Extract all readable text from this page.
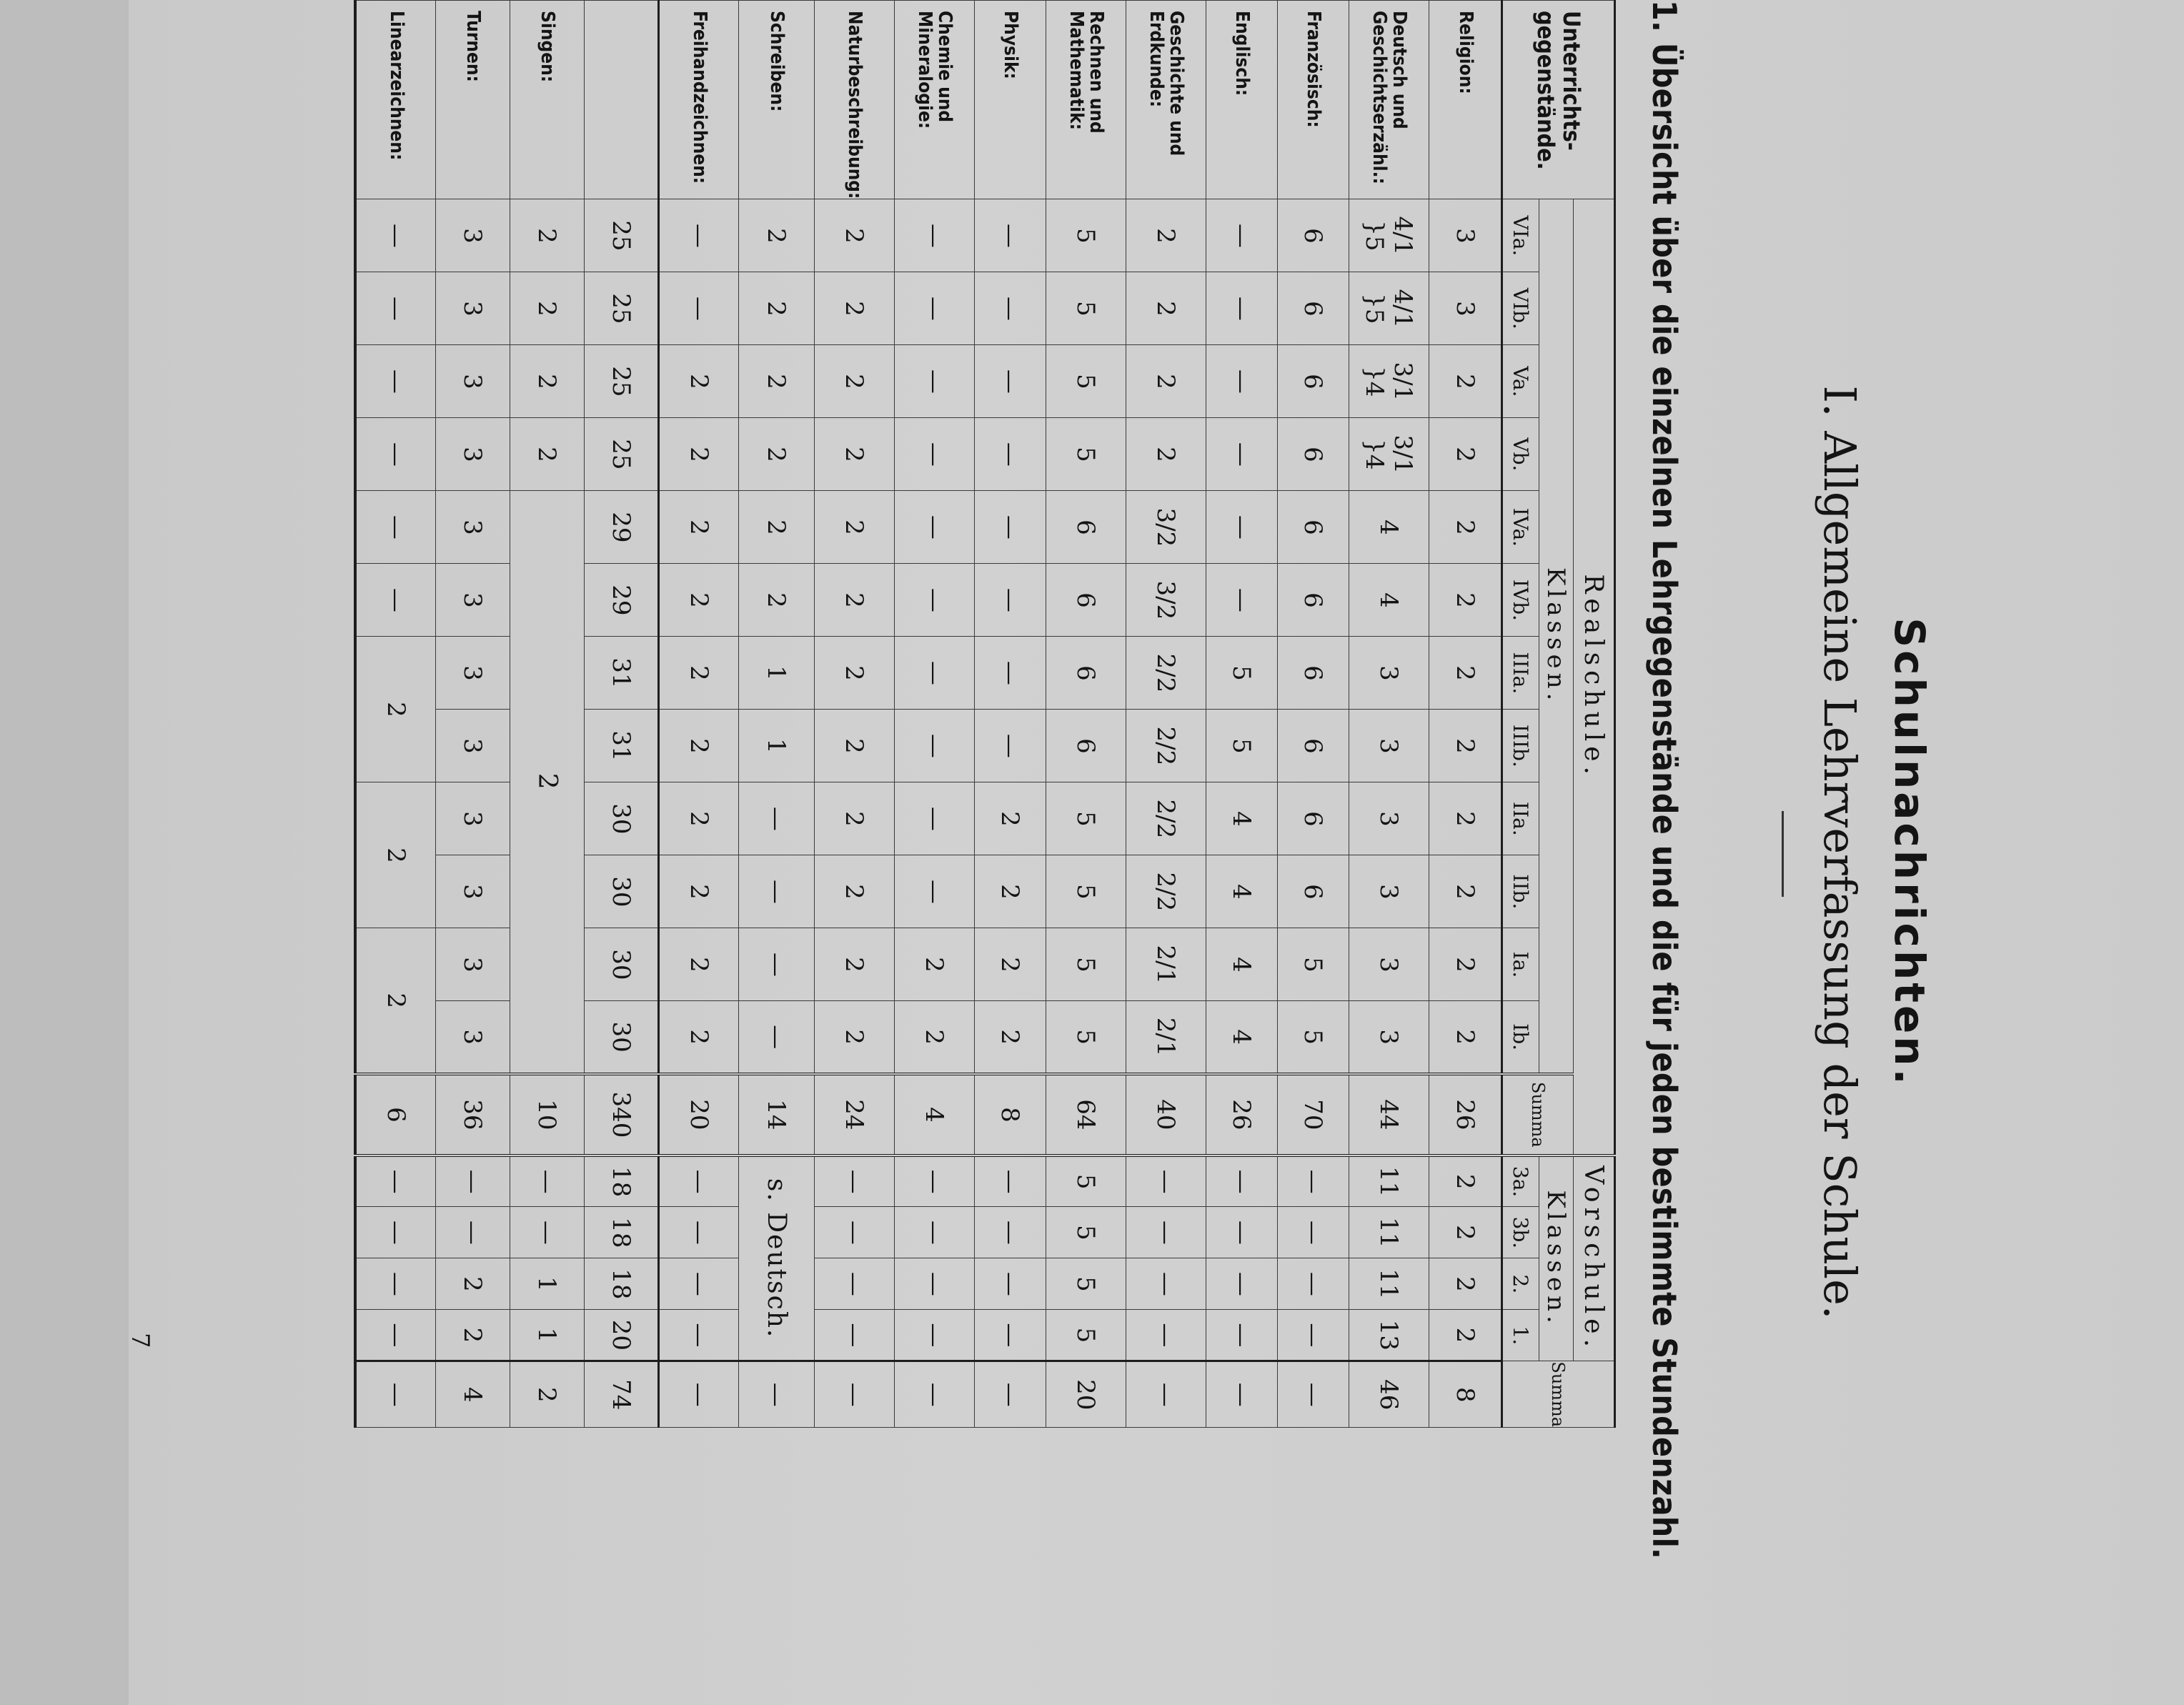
Schulnachrichten.
I. Allgemeine Lehrverfassung der Schule.
1. Übersicht über die einzelnen Lehrgegenstände und die für jeden bestimmte Stundenzahl.
Unterrichts-
gegenstände.	Realschule.													Vorschule.				Summa
	Klassen.												Summa	Klassen.				
	VIa.	VIb.	Va.	Vb.	IVa.	IVb.	IIIa.	IIIb.	IIa.	IIb.	Ia.	Ib.		3a.	3b.	2.	1.	
Religion:	3	3	2	2	2	2	2	2	2	2	2	2	26	2	2	2	2	8
Deutsch und
Geschichtserzähl.:	4/1 }5	4/1 }5	3/1 }4	3/1 }4	4	4	3	3	3	3	3	3	44	11	11	11	13	46
Französisch:	6	6	6	6	6	6	6	6	6	6	5	5	70	—	—	—	—	—
Englisch:	—	—	—	—	—	—	5	5	4	4	4	4	26	—	—	—	—	—
Geschichte und
Erdkunde:	2	2	2	2	3/2	3/2	2/2	2/2	2/2	2/2	2/1	2/1	40	—	—	—	—	—
Rechnen und
Mathematik:	5	5	5	5	6	6	6	6	5	5	5	5	64	5	5	5	5	20
Physik:	—	—	—	—	—	—	—	—	2	2	2	2	8	—	—	—	—	—
Chemie und
Mineralogie:	—	—	—	—	—	—	—	—	—	—	2	2	4	—	—	—	—	—
Naturbeschreibung:	2	2	2	2	2	2	2	2	2	2	2	2	24	—	—	—	—	—
Schreiben:	2	2	2	2	2	2	1	1	—	—	—	—	14	s. Deutsch.				—
Freihandzeichnen:	—	—	2	2	2	2	2	2	2	2	2	2	20	—	—	—	—	—
	25	25	25	25	29	29	31	31	30	30	30	30	340	18	18	18	20	74
Singen:	2	2	2	2	2								10	—	—	1	1	2
Turnen:	3	3	3	3	3	3	3	3	3	3	3	3	36	—	—	2	2	4
Linearzeichnen:	—	—	—	—	—	—	2		2		2		6	—	—	—	—	—
7
